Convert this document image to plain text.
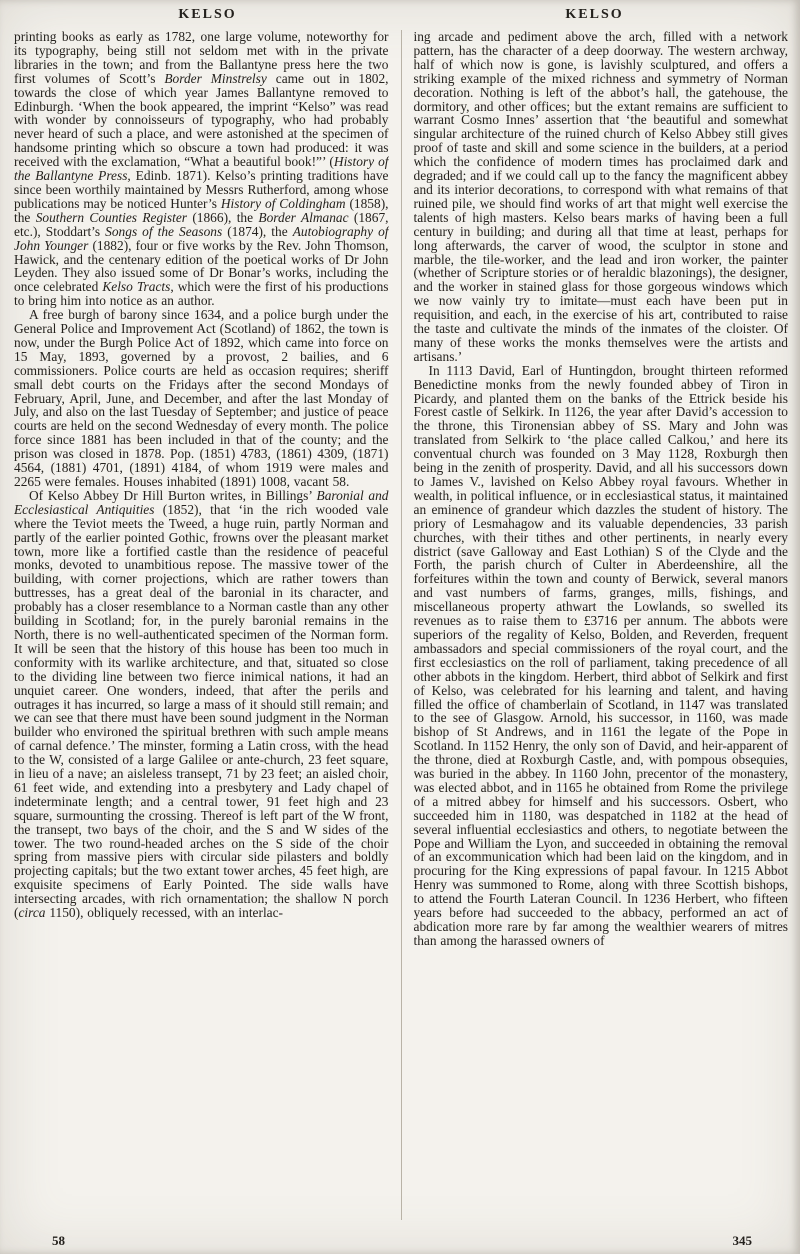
KELSO	KELSO

printing books as early as 1782, one large volume, noteworthy for its typography, being still not seldom met with in the private libraries in the town; and from the Ballantyne press here the two first volumes of Scott’s Border Minstrelsy came out in 1802, towards the close of which year James Ballantyne removed to Edinburgh. ‘When the book appeared, the imprint “Kelso” was read with wonder by connoisseurs of typography, who had probably never heard of such a place, and were astonished at the specimen of handsome printing which so obscure a town had produced: it was received with the exclamation, “What a beautiful book!”’ (History of the Ballantyne Press, Edinb. 1871). Kelso’s printing traditions have since been worthily maintained by Messrs Rutherford, among whose publications may be noticed Hunter’s History of Coldingham (1858), the Southern Counties Register (1866), the Border Almanac (1867, etc.), Stoddart’s Songs of the Seasons (1874), the Autobiography of John Younger (1882), four or five works by the Rev. John Thomson, Hawick, and the centenary edition of the poetical works of Dr John Leyden. They also issued some of Dr Bonar’s works, including the once celebrated Kelso Tracts, which were the first of his productions to bring him into notice as an author.

A free burgh of barony since 1634, and a police burgh under the General Police and Improvement Act (Scotland) of 1862, the town is now, under the Burgh Police Act of 1892, which came into force on 15 May, 1893, governed by a provost, 2 bailies, and 6 commissioners. Police courts are held as occasion requires; sheriff small debt courts on the Fridays after the second Mondays of February, April, June, and December, and after the last Monday of July, and also on the last Tuesday of September; and justice of peace courts are held on the second Wednesday of every month. The police force since 1881 has been included in that of the county; and the prison was closed in 1878. Pop. (1851) 4783, (1861) 4309, (1871) 4564, (1881) 4701, (1891) 4184, of whom 1919 were males and 2265 were females. Houses inhabited (1891) 1008, vacant 58.

Of Kelso Abbey Dr Hill Burton writes, in Billings’ Baronial and Ecclesiastical Antiquities (1852), that ‘in the rich wooded vale where the Teviot meets the Tweed, a huge ruin, partly Norman and partly of the earlier pointed Gothic, frowns over the pleasant market town, more like a fortified castle than the residence of peaceful monks, devoted to unambitious repose. The massive tower of the building, with corner projections, which are rather towers than buttresses, has a great deal of the baronial in its character, and probably has a closer resemblance to a Norman castle than any other building in Scotland; for, in the purely baronial remains in the North, there is no well-authenticated specimen of the Norman form. It will be seen that the history of this house has been too much in conformity with its warlike architecture, and that, situated so close to the dividing line between two fierce inimical nations, it had an unquiet career. One wonders, indeed, that after the perils and outrages it has incurred, so large a mass of it should still remain; and we can see that there must have been sound judgment in the Norman builder who environed the spiritual brethren with such ample means of carnal defence.’ The minster, forming a Latin cross, with the head to the W, consisted of a large Galilee or ante-church, 23 feet square, in lieu of a nave; an aisleless transept, 71 by 23 feet; an aisled choir, 61 feet wide, and extending into a presbytery and Lady chapel of indeterminate length; and a central tower, 91 feet high and 23 square, surmounting the crossing. Thereof is left part of the W front, the transept, two bays of the choir, and the S and W sides of the tower. The two round-headed arches on the S side of the choir spring from massive piers with circular side pilasters and boldly projecting capitals; but the two extant tower arches, 45 feet high, are exquisite specimens of Early Pointed. The side walls have intersecting arcades, with rich ornamentation; the shallow N porch (circa 1150), obliquely recessed, with an interlac-

ing arcade and pediment above the arch, filled with a network pattern, has the character of a deep doorway. The western archway, half of which now is gone, is lavishly sculptured, and offers a striking example of the mixed richness and symmetry of Norman decoration. Nothing is left of the abbot’s hall, the gatehouse, the dormitory, and other offices; but the extant remains are sufficient to warrant Cosmo Innes’ assertion that ‘the beautiful and somewhat singular architecture of the ruined church of Kelso Abbey still gives proof of taste and skill and some science in the builders, at a period which the confidence of modern times has proclaimed dark and degraded; and if we could call up to the fancy the magnificent abbey and its interior decorations, to correspond with what remains of that ruined pile, we should find works of art that might well exercise the talents of high masters. Kelso bears marks of having been a full century in building; and during all that time at least, perhaps for long afterwards, the carver of wood, the sculptor in stone and marble, the tile-worker, and the lead and iron worker, the painter (whether of Scripture stories or of heraldic blazonings), the designer, and the worker in stained glass for those gorgeous windows which we now vainly try to imitate—must each have been put in requisition, and each, in the exercise of his art, contributed to raise the taste and cultivate the minds of the inmates of the cloister. Of many of these works the monks themselves were the artists and artisans.’

In 1113 David, Earl of Huntingdon, brought thirteen reformed Benedictine monks from the newly founded abbey of Tiron in Picardy, and planted them on the banks of the Ettrick beside his Forest castle of Selkirk. In 1126, the year after David’s accession to the throne, this Tironensian abbey of SS. Mary and John was translated from Selkirk to ‘the place called Calkou,’ and here its conventual church was founded on 3 May 1128, Roxburgh then being in the zenith of prosperity. David, and all his successors down to James V., lavished on Kelso Abbey royal favours. Whether in wealth, in political influence, or in ecclesiastical status, it maintained an eminence of grandeur which dazzles the student of history. The priory of Lesmahagow and its valuable dependencies, 33 parish churches, with their tithes and other pertinents, in nearly every district (save Galloway and East Lothian) S of the Clyde and the Forth, the parish church of Culter in Aberdeenshire, all the forfeitures within the town and county of Berwick, several manors and vast numbers of farms, granges, mills, fishings, and miscellaneous property athwart the Lowlands, so swelled its revenues as to raise them to £3716 per annum. The abbots were superiors of the regality of Kelso, Bolden, and Reverden, frequent ambassadors and special commissioners of the royal court, and the first ecclesiastics on the roll of parliament, taking precedence of all other abbots in the kingdom. Herbert, third abbot of Selkirk and first of Kelso, was celebrated for his learning and talent, and having filled the office of chamberlain of Scotland, in 1147 was translated to the see of Glasgow. Arnold, his successor, in 1160, was made bishop of St Andrews, and in 1161 the legate of the Pope in Scotland. In 1152 Henry, the only son of David, and heir-apparent of the throne, died at Roxburgh Castle, and, with pompous obsequies, was buried in the abbey. In 1160 John, precentor of the monastery, was elected abbot, and in 1165 he obtained from Rome the privilege of a mitred abbey for himself and his successors. Osbert, who succeeded him in 1180, was despatched in 1182 at the head of several influential ecclesiastics and others, to negotiate between the Pope and William the Lyon, and succeeded in obtaining the removal of an excommunication which had been laid on the kingdom, and in procuring for the King expressions of papal favour. In 1215 Abbot Henry was summoned to Rome, along with three Scottish bishops, to attend the Fourth Lateran Council. In 1236 Herbert, who fifteen years before had succeeded to the abbacy, performed an act of abdication more rare by far among the wealthier wearers of mitres than among the harassed owners of

58	345
